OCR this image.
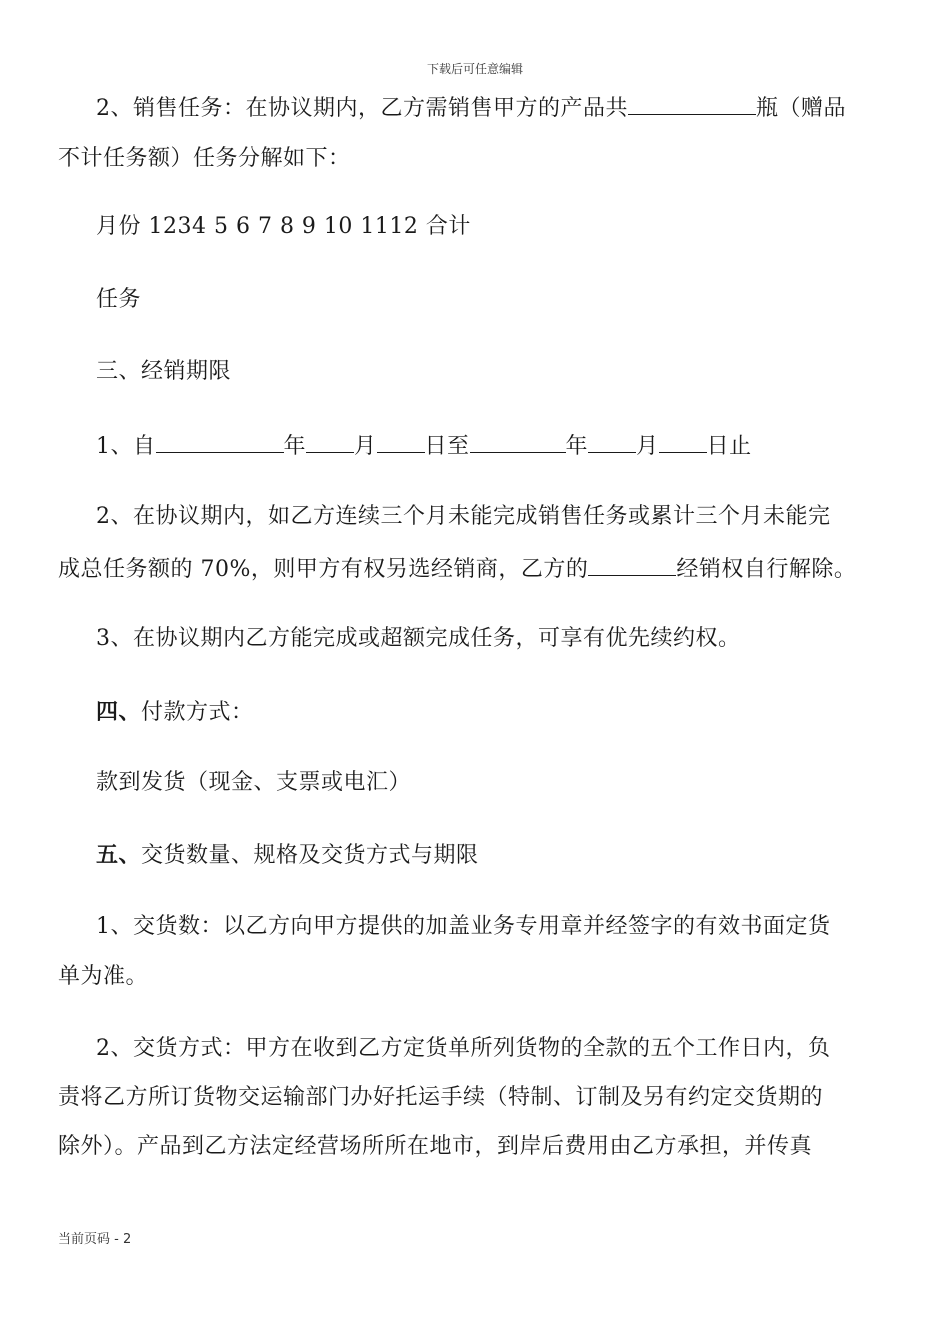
下载后可任意编辑
2、销售任务：在协议期内，乙方需销售甲方的产品共	瓶（赠品
不计任务额）任务分解如下：
月份 1234 5 6 7 8 9 10 1112 合计
任务
三、经销期限
1、自	年 月 日至	年 月 日止
2、在协议期内，如乙方连续三个月未能完成销售任务或累计三个月未能完
成总任务额的 70%，则甲方有权另选经销商，乙方的	经销权自行解除。
3、在协议期内乙方能完成或超额完成任务，可享有优先续约权。
四、付款方式：
款到发货（现金、支票或电汇）
五、交货数量、规格及交货方式与期限
1、交货数：以乙方向甲方提供的加盖业务专用章并经签字的有效书面定货
单为准。
2、交货方式：甲方在收到乙方定货单所列货物的全款的五个工作日内，负
责将乙方所订货物交运输部门办好托运手续（特制、订制及另有约定交货期的
除外）。产品到乙方法定经营场所所在地市，到岸后费用由乙方承担，并传真
当前页码 - 2
